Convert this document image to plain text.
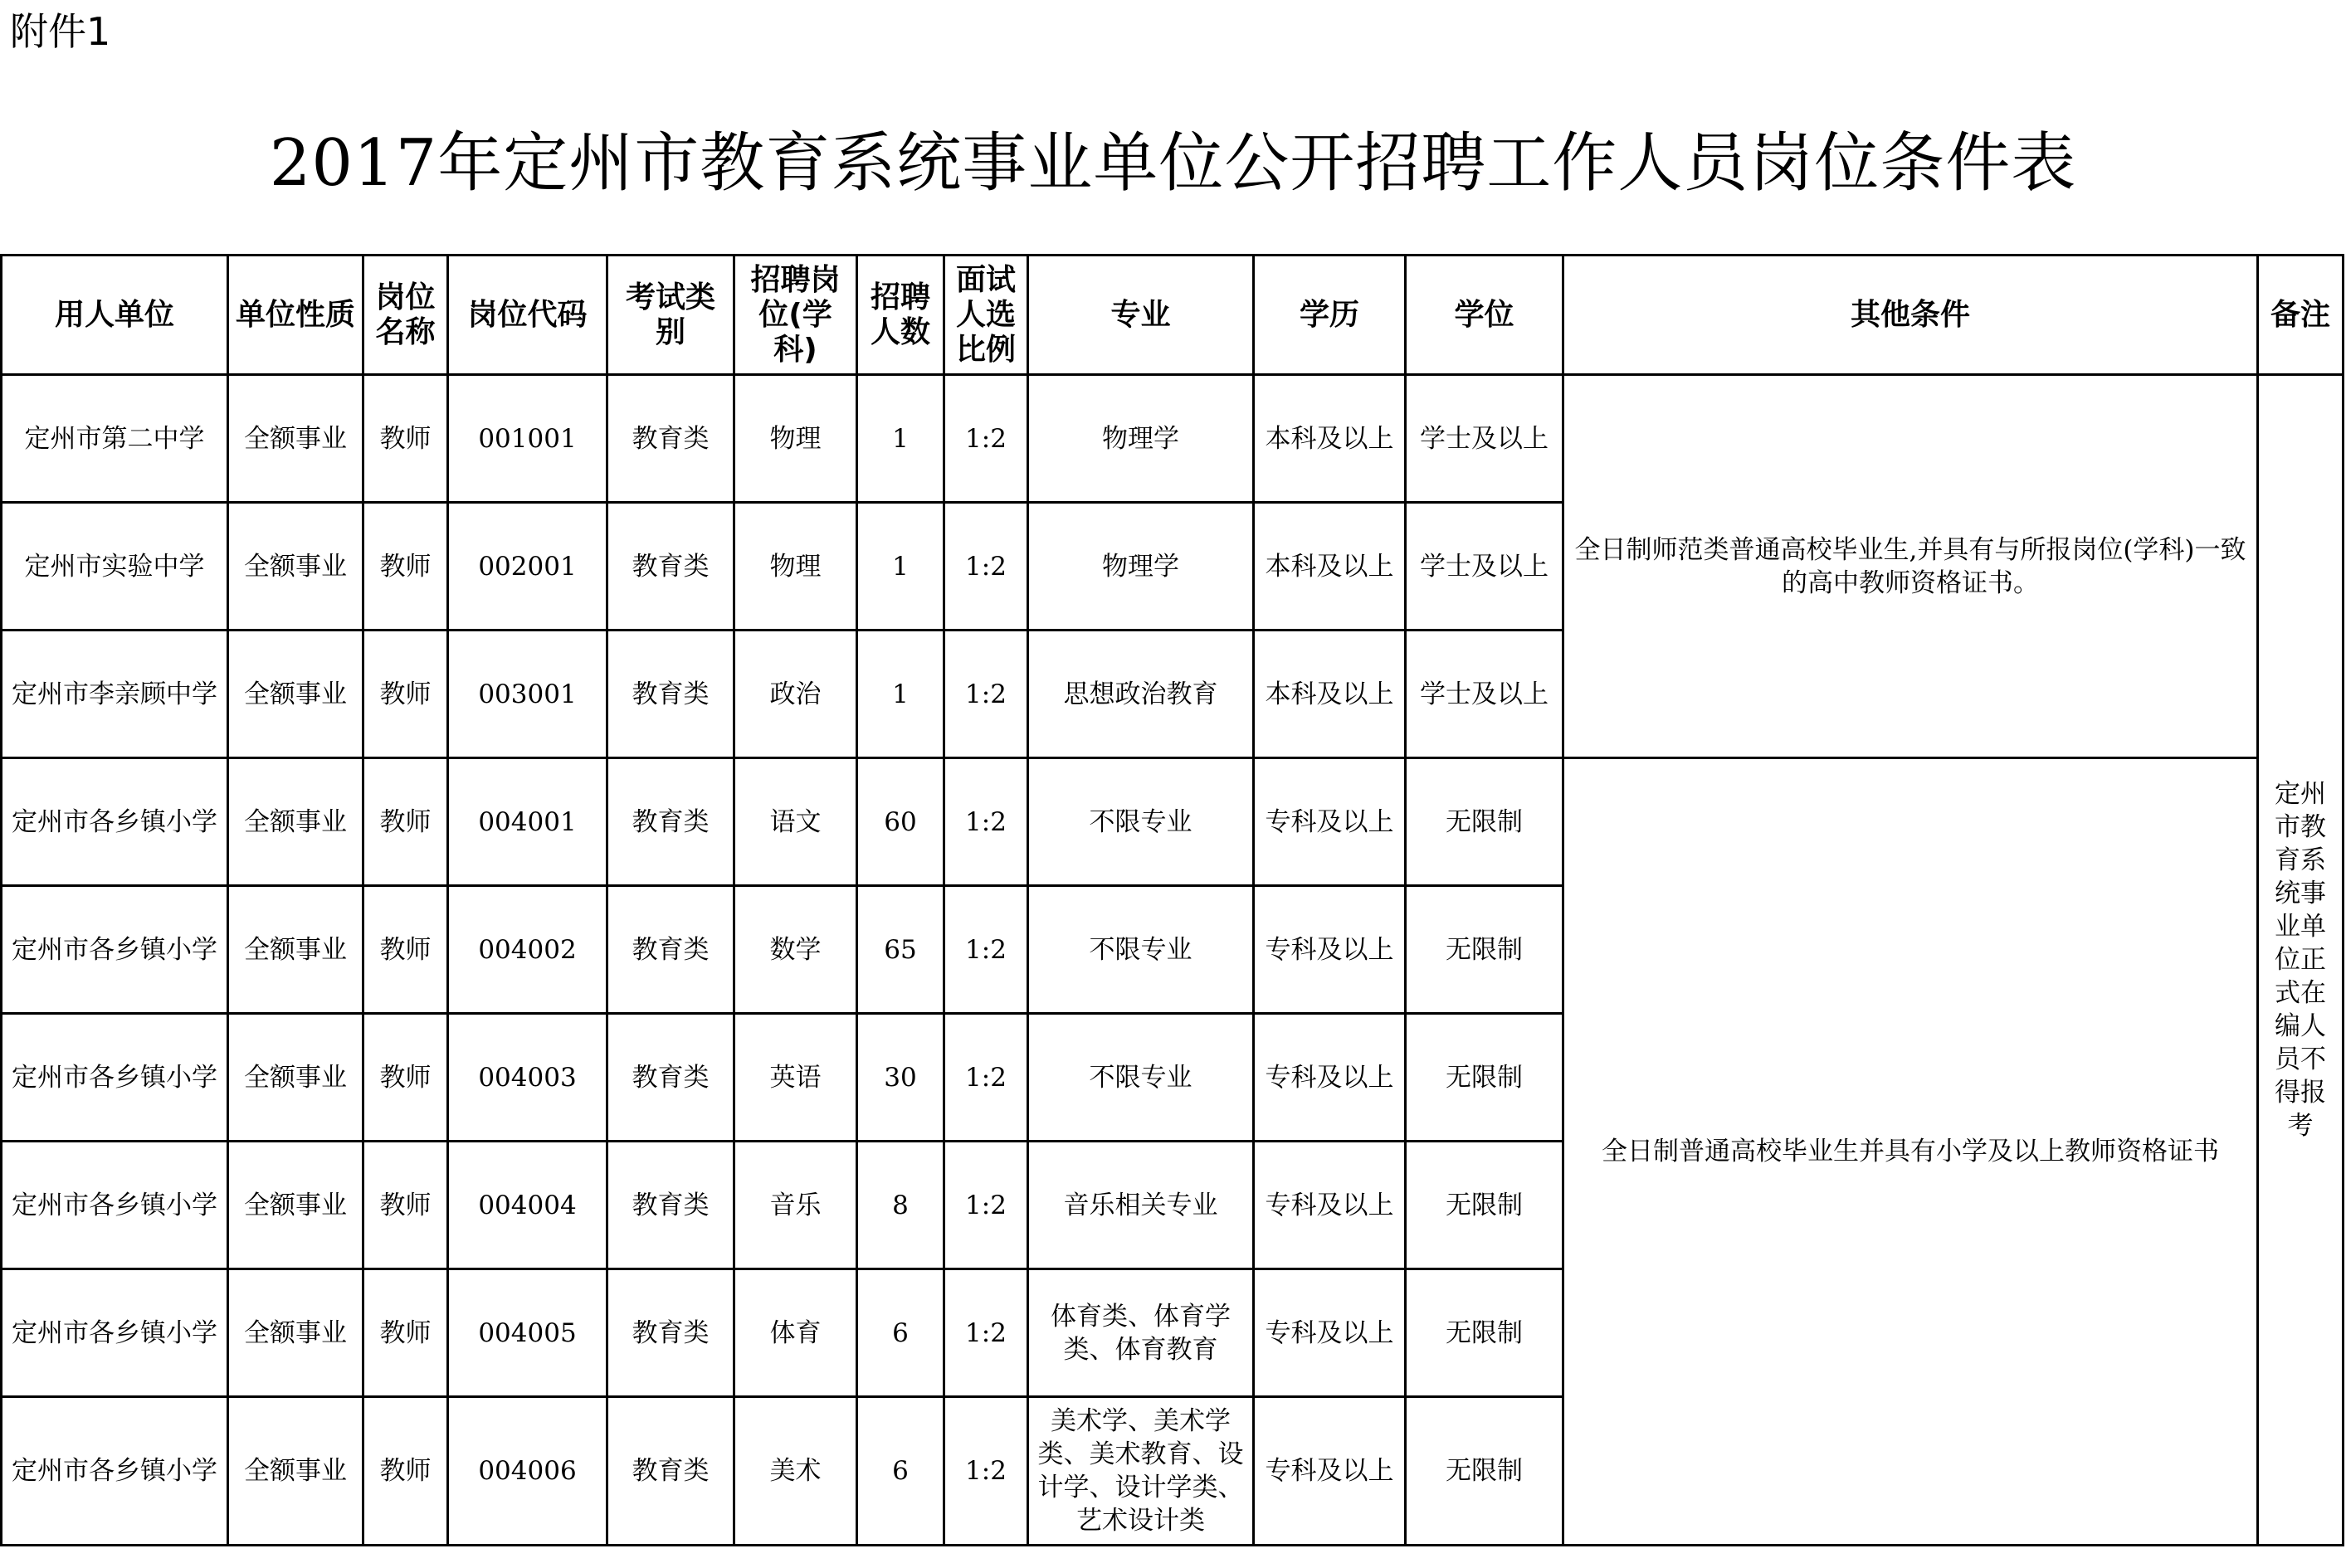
附件1
2017年定州市教育系统事业单位公开招聘工作人员岗位条件表
用人单位	单位性质	岗位名称	岗位代码	考试类别	招聘岗位(学科)	招聘人数	面试人选比例	专业	学历	学位	其他条件	备注
定州市第二中学	全额事业	教师	001001	教育类	物理	1	1:2	物理学	本科及以上	学士及以上	全日制师范类普通高校毕业生,并具有与所报岗位(学科)一致的高中教师资格证书。	定州市教育系统事业单位正式在编人员不得报考
定州市实验中学	全额事业	教师	002001	教育类	物理	1	1:2	物理学	本科及以上	学士及以上		
定州市李亲顾中学	全额事业	教师	003001	教育类	政治	1	1:2	思想政治教育	本科及以上	学士及以上		
定州市各乡镇小学	全额事业	教师	004001	教育类	语文	60	1:2	不限专业	专科及以上	无限制	全日制普通高校毕业生并具有小学及以上教师资格证书	
定州市各乡镇小学	全额事业	教师	004002	教育类	数学	65	1:2	不限专业	专科及以上	无限制		
定州市各乡镇小学	全额事业	教师	004003	教育类	英语	30	1:2	不限专业	专科及以上	无限制		
定州市各乡镇小学	全额事业	教师	004004	教育类	音乐	8	1:2	音乐相关专业	专科及以上	无限制		
定州市各乡镇小学	全额事业	教师	004005	教育类	体育	6	1:2	体育类、体育学类、体育教育	专科及以上	无限制		
定州市各乡镇小学	全额事业	教师	004006	教育类	美术	6	1:2	美术学、美术学类、美术教育、设计学、设计学类、艺术设计类	专科及以上	无限制		
